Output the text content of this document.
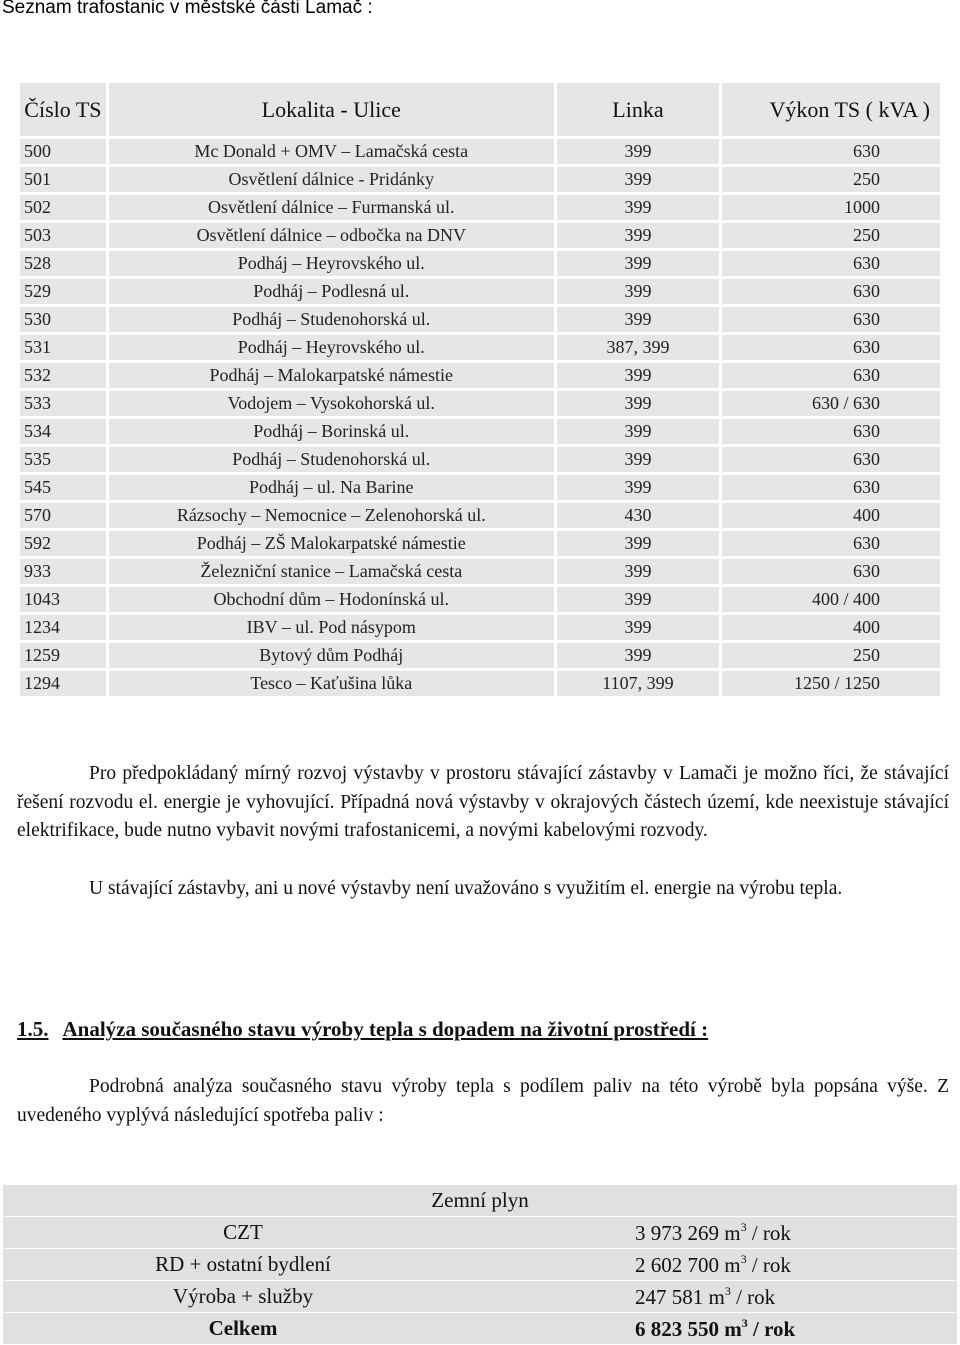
Seznam trafostanic v městské části Lamač :
Číslo TS	Lokalita - Ulice	Linka	Výkon TS ( kVA )
500	Mc Donald + OMV – Lamačská cesta	399	630
501	Osvětlení dálnice - Pridánky	399	250
502	Osvětlení dálnice – Furmanská ul.	399	1000
503	Osvětlení dálnice – odbočka na DNV	399	250
528	Podháj – Heyrovského ul.	399	630
529	Podháj – Podlesná ul.	399	630
530	Podháj – Studenohorská ul.	399	630
531	Podháj – Heyrovského ul.	387, 399	630
532	Podháj – Malokarpatské námestie	399	630
533	Vodojem – Vysokohorská ul.	399	630 / 630
534	Podháj – Borinská ul.	399	630
535	Podháj – Studenohorská ul.	399	630
545	Podháj – ul. Na Barine	399	630
570	Rázsochy – Nemocnice – Zelenohorská ul.	430	400
592	Podháj – ZŠ Malokarpatské námestie	399	630
933	Železniční stanice – Lamačská cesta	399	630
1043	Obchodní dům – Hodonínská ul.	399	400 / 400
1234	IBV – ul. Pod násypom	399	400
1259	Bytový dům Podháj	399	250
1294	Tesco – Kaťušina lůka	1107, 399	1250 / 1250
Pro předpokládaný mírný rozvoj výstavby v prostoru stávající zástavby v Lamači je možno říci, že stávající řešení rozvodu el. energie je vyhovující. Případná nová výstavby v okrajových částech území, kde neexistuje stávající elektrifikace, bude nutno vybavit novými trafostanicemi, a novými kabelovými rozvody.
U stávající zástavby, ani u nové výstavby není uvažováno s využitím el. energie na výrobu tepla.
1.5. Analýza současného stavu výroby tepla s dopadem na životní prostředí :
Podrobná analýza současného stavu výroby tepla s podílem paliv na této výrobě byla popsána výše. Z uvedeného vyplývá následující spotřeba paliv :
Zemní plyn	
CZT	3 973 269 $m^3$ / rok
RD + ostatní bydlení	2 602 700 $m^3$ / rok
Výroba + služby	247 581 $m^3$ / rok
Celkem	6 823 550 $m^3$ / rok
